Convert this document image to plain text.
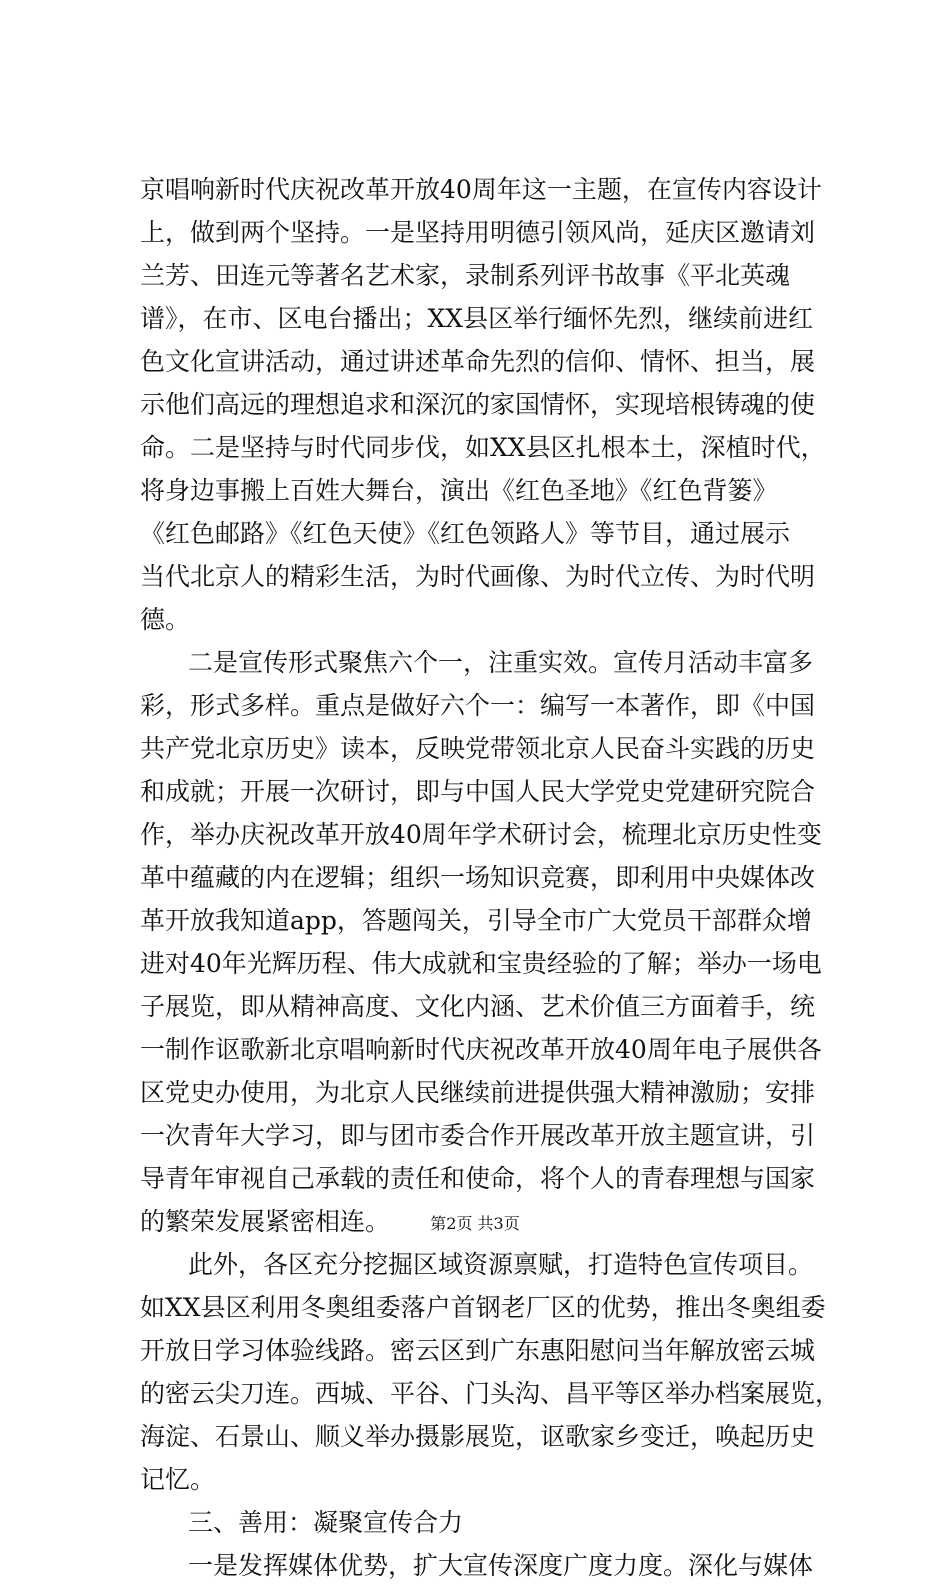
京唱响新时代庆祝改革开放40周年这一主题，在宣传内容设计
上，做到两个坚持。一是坚持用明德引领风尚，延庆区邀请刘
兰芳、田连元等著名艺术家，录制系列评书故事《平北英魂
谱》，在市、区电台播出；XX县区举行缅怀先烈，继续前进红
色文化宣讲活动，通过讲述革命先烈的信仰、情怀、担当，展
示他们高远的理想追求和深沉的家国情怀，实现培根铸魂的使
命。二是坚持与时代同步伐，如XX县区扎根本土，深植时代，
将身边事搬上百姓大舞台，演出《红色圣地》《红色背篓》
《红色邮路》《红色天使》《红色领路人》等节目，通过展示
当代北京人的精彩生活，为时代画像、为时代立传、为时代明
德。
二是宣传形式聚焦六个一，注重实效。宣传月活动丰富多
彩，形式多样。重点是做好六个一：编写一本著作，即《中国
共产党北京历史》读本，反映党带领北京人民奋斗实践的历史
和成就；开展一次研讨，即与中国人民大学党史党建研究院合
作，举办庆祝改革开放40周年学术研讨会，梳理北京历史性变
革中蕴藏的内在逻辑；组织一场知识竞赛，即利用中央媒体改
革开放我知道app，答题闯关，引导全市广大党员干部群众增
进对40年光辉历程、伟大成就和宝贵经验的了解；举办一场电
子展览，即从精神高度、文化内涵、艺术价值三方面着手，统
一制作讴歌新北京唱响新时代庆祝改革开放40周年电子展供各
区党史办使用，为北京人民继续前进提供强大精神激励；安排
一次青年大学习，即与团市委合作开展改革开放主题宣讲，引
导青年审视自己承载的责任和使命，将个人的青春理想与国家
的繁荣发展紧密相连。
此外，各区充分挖掘区域资源禀赋，打造特色宣传项目。
如XX县区利用冬奥组委落户首钢老厂区的优势，推出冬奥组委
开放日学习体验线路。密云区到广东惠阳慰问当年解放密云城
的密云尖刀连。西城、平谷、门头沟、昌平等区举办档案展览，
海淀、石景山、顺义举办摄影展览，讴歌家乡变迁，唤起历史
记忆。
三、善用：凝聚宣传合力
一是发挥媒体优势，扩大宣传深度广度力度。深化与媒体
第2页 共3页
